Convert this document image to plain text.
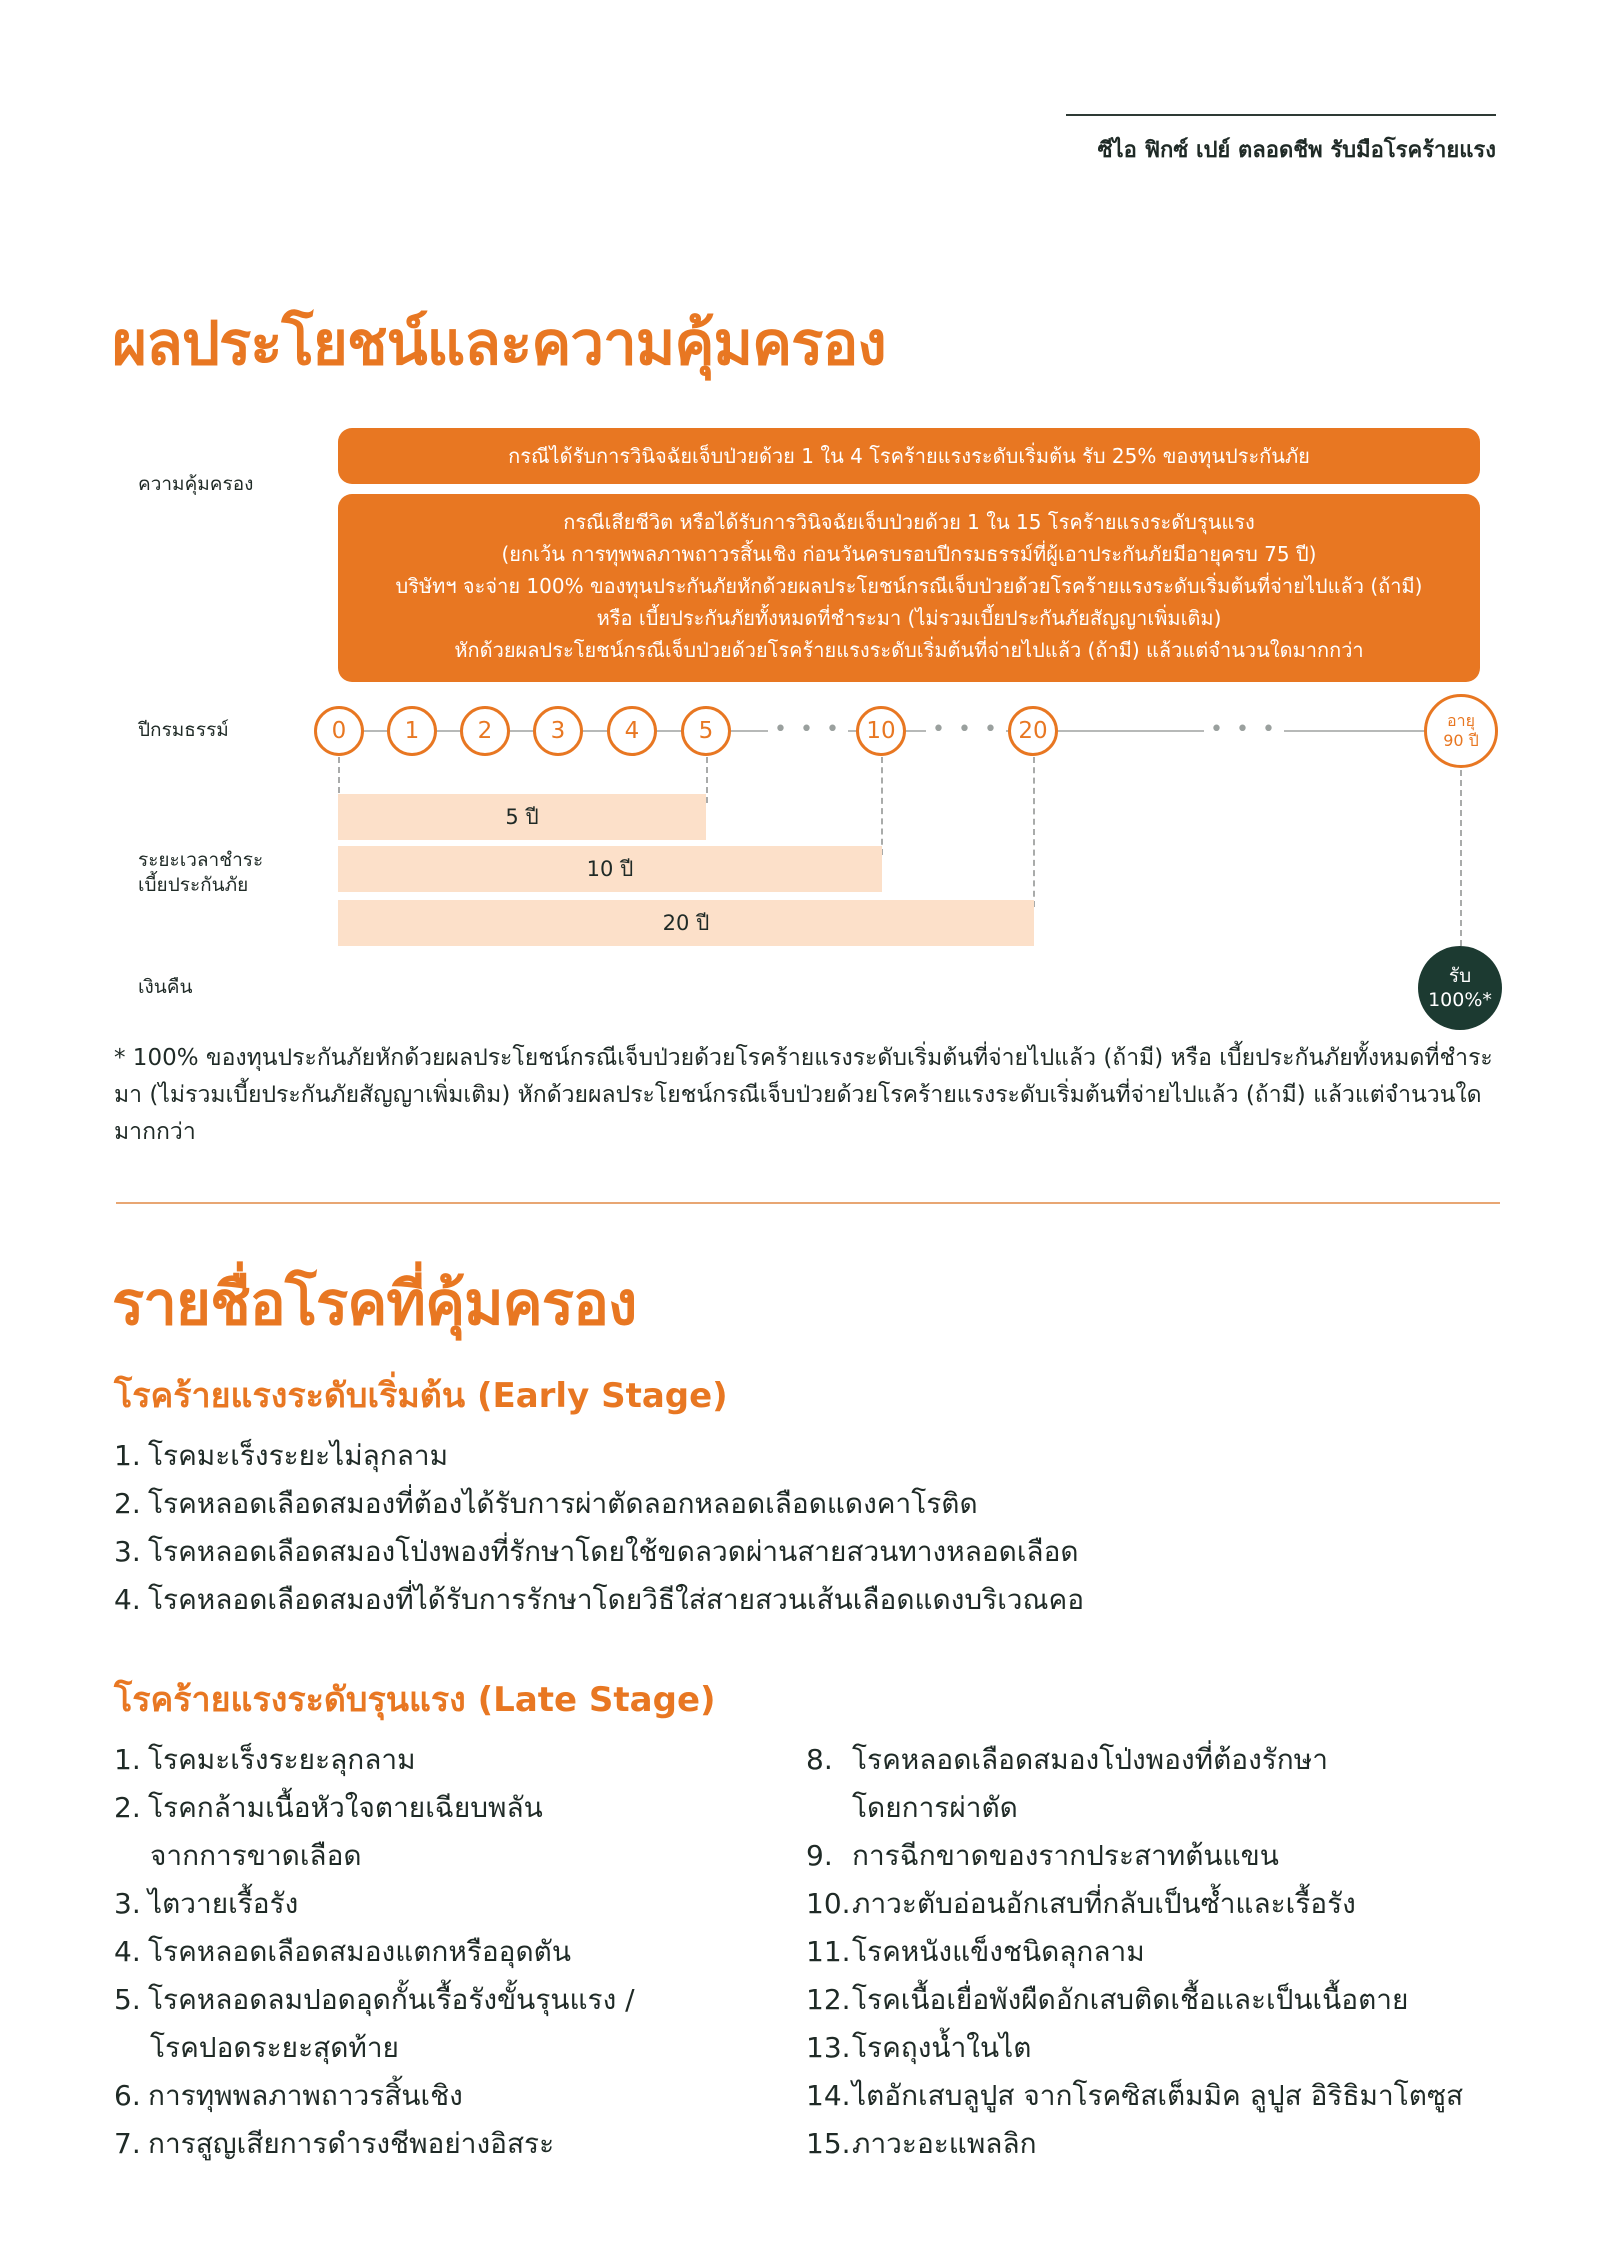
ซีไอ ฟิกซ์ เปย์ ตลอดชีพ รับมือโรคร้ายแรง
ผลประโยชน์และความคุ้มครอง
ความคุ้มครอง
กรณีได้รับการวินิจฉัยเจ็บป่วยด้วย 1 ใน 4 โรคร้ายแรงระดับเริ่มต้น รับ 25% ของทุนประกันภัย
กรณีเสียชีวิต หรือได้รับการวินิจฉัยเจ็บป่วยด้วย 1 ใน 15 โรคร้ายแรงระดับรุนแรง
(ยกเว้น การทุพพลภาพถาวรสิ้นเชิง ก่อนวันครบรอบปีกรมธรรม์ที่ผู้เอาประกันภัยมีอายุครบ 75 ปี)
บริษัทฯ จะจ่าย 100% ของทุนประกันภัยหักด้วยผลประโยชน์กรณีเจ็บป่วยด้วยโรคร้ายแรงระดับเริ่มต้นที่จ่ายไปแล้ว (ถ้ามี)
หรือ เบี้ยประกันภัยทั้งหมดที่ชำระมา (ไม่รวมเบี้ยประกันภัยสัญญาเพิ่มเติม)
หักด้วยผลประโยชน์กรณีเจ็บป่วยด้วยโรคร้ายแรงระดับเริ่มต้นที่จ่ายไปแล้ว (ถ้ามี) แล้วแต่จำนวนใดมากกว่า
ปีกรมธรรม์	0	1	2	3	4	5	• • • 10 • • • 20	• • •	อายุ
90 ปี
ระยะเวลาชำระ
เบี้ยประกันภัย
5 ปี
10 ปี
20 ปี
เงินคืน	รับ
100%*
* 100% ของทุนประกันภัยหักด้วยผลประโยชน์กรณีเจ็บป่วยด้วยโรคร้ายแรงระดับเริ่มต้นที่จ่ายไปแล้ว (ถ้ามี) หรือ เบี้ยประกันภัยทั้งหมดที่ชำระมา (ไม่รวมเบี้ยประกันภัยสัญญาเพิ่มเติม) หักด้วยผลประโยชน์กรณีเจ็บป่วยด้วยโรคร้ายแรงระดับเริ่มต้นที่จ่ายไปแล้ว (ถ้ามี) แล้วแต่จำนวนใดมากกว่า
รายชื่อโรคที่คุ้มครอง
โรคร้ายแรงระดับเริ่มต้น (Early Stage)
1. โรคมะเร็งระยะไม่ลุกลาม
2. โรคหลอดเลือดสมองที่ต้องได้รับการผ่าตัดลอกหลอดเลือดแดงคาโรติด
3. โรคหลอดเลือดสมองโป่งพองที่รักษาโดยใช้ขดลวดผ่านสายสวนทางหลอดเลือด
4. โรคหลอดเลือดสมองที่ได้รับการรักษาโดยวิธีใส่สายสวนเส้นเลือดแดงบริเวณคอ
โรคร้ายแรงระดับรุนแรง (Late Stage)
1. โรคมะเร็งระยะลุกลาม
2. โรคกล้ามเนื้อหัวใจตายเฉียบพลัน
จากการขาดเลือด
3. ไตวายเรื้อรัง
4. โรคหลอดเลือดสมองแตกหรืออุดตัน
5. โรคหลอดลมปอดอุดกั้นเรื้อรังขั้นรุนแรง /
โรคปอดระยะสุดท้าย
6. การทุพพลภาพถาวรสิ้นเชิง
7. การสูญเสียการดำรงชีพอย่างอิสระ
8. โรคหลอดเลือดสมองโป่งพองที่ต้องรักษา
โดยการผ่าตัด
9. การฉีกขาดของรากประสาทต้นแขน
10. ภาวะตับอ่อนอักเสบที่กลับเป็นซ้ำและเรื้อรัง
11. โรคหนังแข็งชนิดลุกลาม
12. โรคเนื้อเยื่อพังผืดอักเสบติดเชื้อและเป็นเนื้อตาย
13. โรคถุงน้ำในไต
14. ไตอักเสบลูปูส จากโรคซิสเต็มมิค ลูปูส อิริธิมาโตซูส
15. ภาวะอะแพลลิก
